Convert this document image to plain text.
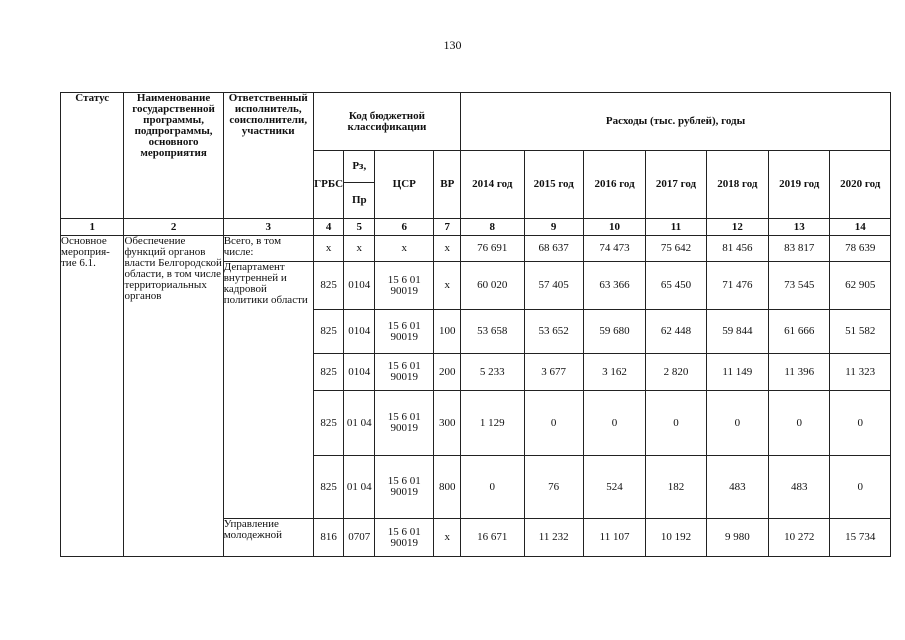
130
Статус	Наименование государственной программы, подпрограммы, основного мероприятия	Ответственный исполнитель, соисполнители, участники	Код бюджетной классификации				Расходы (тыс. рублей), годы						
			ГРБС	Рз,	ЦСР	ВР	2014 год	2015 год	2016 год	2017 год	2018 год	2019 год	2020 год
				Пр									
1	2	3	4	5	6	7	8	9	10	11	12	13	14
Основное мероприя-тие 6.1.	Обеспечение функций органов власти Белгородской области, в том числе территориальных органов	Всего, в том числе:	х	х	х	х	76 691	68 637	74 473	75 642	81 456	83 817	78 639
		Департамент внутренней и кадровой политики области	825	0104	15 6 01 90019	х	60 020	57 405	63 366	65 450	71 476	73 545	62 905
			825	0104	15 6 01 90019	100	53 658	53 652	59 680	62 448	59 844	61 666	51 582
			825	0104	15 6 01 90019	200	5 233	3 677	3 162	2 820	11 149	11 396	11 323
			825	01 04	15 6 01 90019	300	1 129	0	0	0	0	0	0
			825	01 04	15 6 01 90019	800	0	76	524	182	483	483	0
		Управление молодежной	816	0707	15 6 01 90019	х	16 671	11 232	11 107	10 192	9 980	10 272	15 734
